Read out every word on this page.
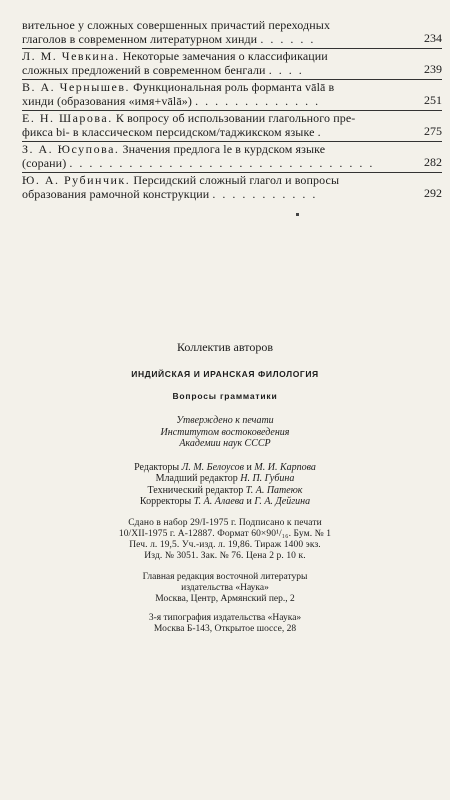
вительное у сложных совершенных причастий переходных
глаголов в современном литературном хинди . . . . . .	234
Л. М. Чевкина. Некоторые замечания о классификации
сложных предложений в современном бенгали . . . .	239
В. А. Чернышев. Функциональная роль форманта vālā в
хинди (образования «имя+vālā») . . . . . . . . . . . . .	251
Е. Н. Шарова. К вопросу об использовании глагольного пре-
фикса bi- в классическом персидском/таджикском языке .	275
З. А. Юсупова. Значения предлога le в курдском языке
(сорани) . . . . . . . . . . . . . . . . . . . . . . . . . . . . . . .	282
Ю. А. Рубинчик. Персидский сложный глагол и вопросы
образования рамочной конструкции . . . . . . . . . . .	292
Коллектив авторов
ИНДИЙСКАЯ И ИРАНСКАЯ ФИЛОЛОГИЯ
Вопросы грамматики
Утверждено к печати
Институтом востоковедения
Академии наук СССР
Редакторы Л. М. Белоусов и М. И. Карпова
Младший редактор Н. П. Губина
Технический редактор Т. А. Патеюк
Корректоры Т. А. Алаева и Г. А. Дейгина
Сдано в набор 29/I-1975 г. Подписано к печати
10/XII-1975 г. А-12887. Формат 60×90¹/₁₆. Бум. № 1
Печ. л. 19,5. Уч.-изд. л. 19,86. Тираж 1400 экз.
Изд. № 3051. Зак. № 76. Цена 2 р. 10 к.
Главная редакция восточной литературы
издательства «Наука»
Москва, Центр, Армянский пер., 2
3-я типография издательства «Наука»
Москва Б-143, Открытое шоссе, 28
